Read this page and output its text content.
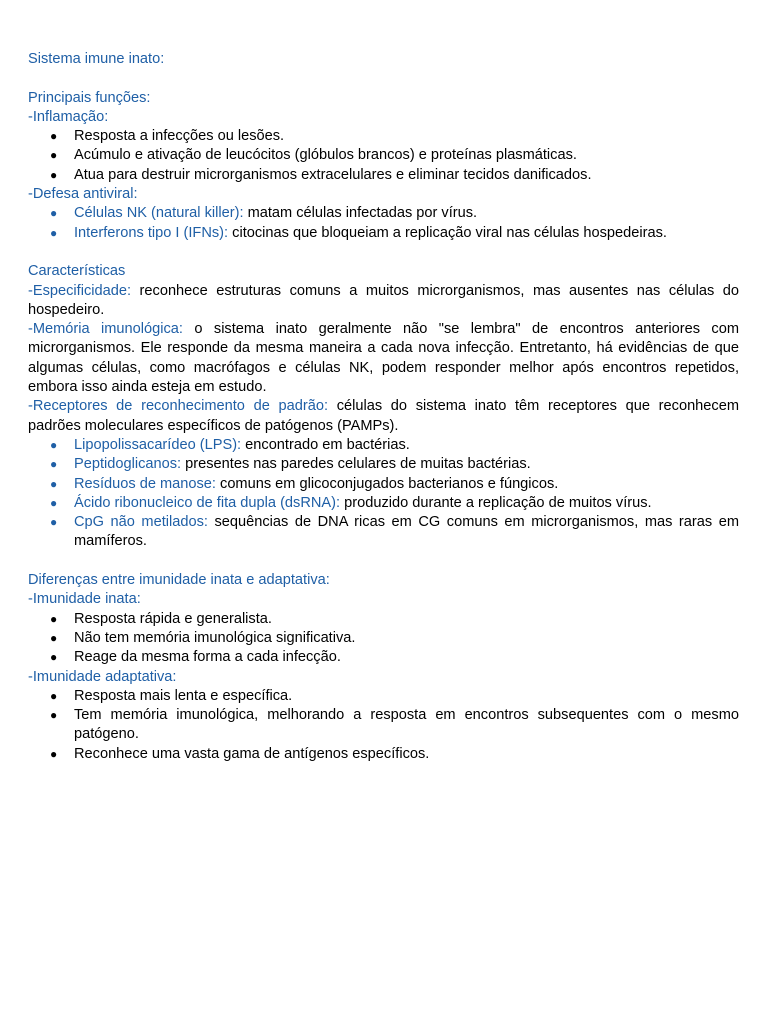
Sistema imune inato:

Principais funções:

-Inflamação:

● Resposta a infecções ou lesões.
● Acúmulo e ativação de leucócitos (glóbulos brancos) e proteínas plasmáticas.
● Atua para destruir microrganismos extracelulares e eliminar tecidos danificados.

-Defesa antiviral:

● Células NK (natural killer): matam células infectadas por vírus.
● Interferons tipo I (IFNs): citocinas que bloqueiam a replicação viral nas células hospedeiras.

Características

-Especificidade: reconhece estruturas comuns a muitos microrganismos, mas ausentes nas células do hospedeiro.

-Memória imunológica: o sistema inato geralmente não "se lembra" de encontros anteriores com microrganismos. Ele responde da mesma maneira a cada nova infecção. Entretanto, há evidências de que algumas células, como macrófagos e células NK, podem responder melhor após encontros repetidos, embora isso ainda esteja em estudo.

-Receptores de reconhecimento de padrão: células do sistema inato têm receptores que reconhecem padrões moleculares específicos de patógenos (PAMPs).

● Lipopolissacarídeo (LPS): encontrado em bactérias.
● Peptidoglicanos: presentes nas paredes celulares de muitas bactérias.
● Resíduos de manose: comuns em glicoconjugados bacterianos e fúngicos.
● Ácido ribonucleico de fita dupla (dsRNA): produzido durante a replicação de muitos vírus.
● CpG não metilados: sequências de DNA ricas em CG comuns em microrganismos, mas raras em mamíferos.

Diferenças entre imunidade inata e adaptativa:

-Imunidade inata:

● Resposta rápida e generalista.
● Não tem memória imunológica significativa.
● Reage da mesma forma a cada infecção.

-Imunidade adaptativa:

● Resposta mais lenta e específica.
● Tem memória imunológica, melhorando a resposta em encontros subsequentes com o mesmo patógeno.
● Reconhece uma vasta gama de antígenos específicos.
